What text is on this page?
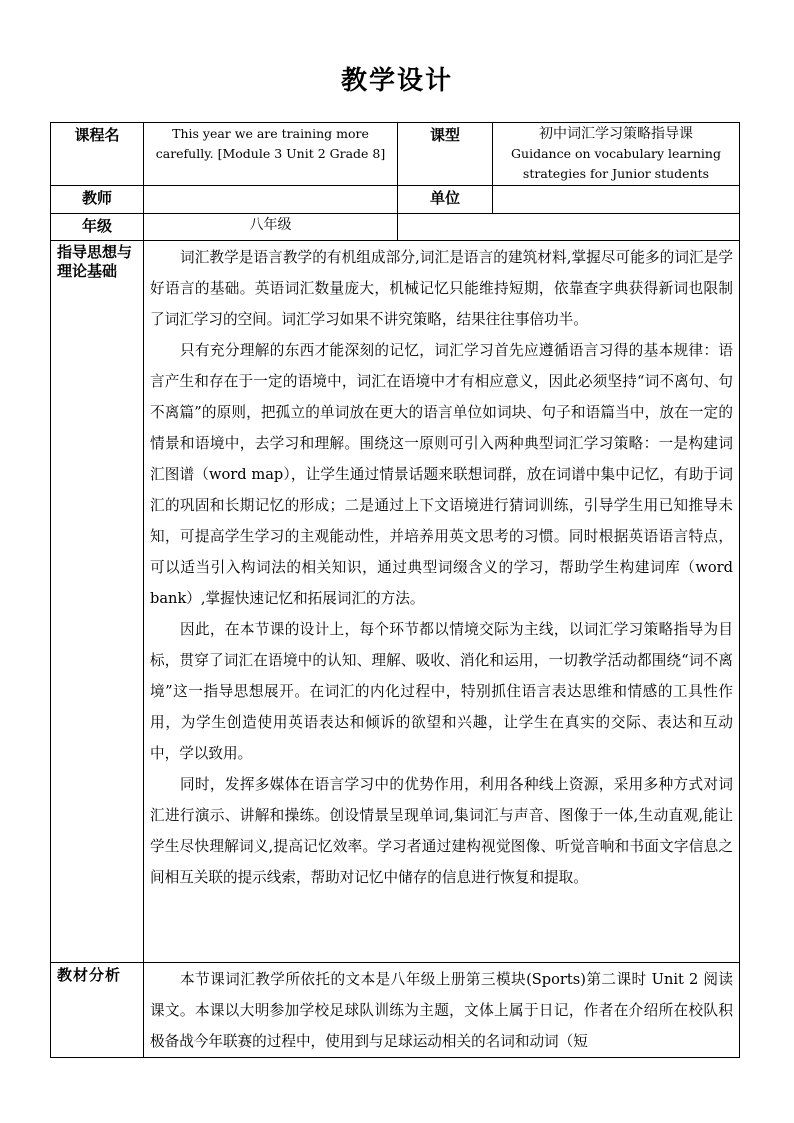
教学设计
课程名	This year we are training more carefully. [Module 3 Unit 2 Grade 8]	课型	初中词汇学习策略指导课
Guidance on vocabulary learning strategies for Junior students

教师		单位	
年级	八年级		
指导思想与理论基础	词汇教学是语言教学的有机组成部分,词汇是语言的建筑材料,掌握尽可能多的词汇是学好语言的基础。英语词汇数量庞大，机械记忆只能维持短期，依靠查字典获得新词也限制了词汇学习的空间。词汇学习如果不讲究策略，结果往往事倍功半。

只有充分理解的东西才能深刻的记忆，词汇学习首先应遵循语言习得的基本规律：语言产生和存在于一定的语境中，词汇在语境中才有相应意义，因此必须坚持“词不离句、句不离篇”的原则，把孤立的单词放在更大的语言单位如词块、句子和语篇当中，放在一定的情景和语境中，去学习和理解。围绕这一原则可引入两种典型词汇学习策略：一是构建词汇图谱（word map），让学生通过情景话题来联想词群，放在词谱中集中记忆，有助于词汇的巩固和长期记忆的形成；二是通过上下文语境进行猜词训练，引导学生用已知推导未知，可提高学生学习的主观能动性，并培养用英文思考的习惯。同时根据英语语言特点，可以适当引入构词法的相关知识，通过典型词缀含义的学习，帮助学生构建词库（word bank）,掌握快速记忆和拓展词汇的方法。

因此，在本节课的设计上，每个环节都以情境交际为主线，以词汇学习策略指导为目标，贯穿了词汇在语境中的认知、理解、吸收、消化和运用，一切教学活动都围绕“词不离境”这一指导思想展开。在词汇的内化过程中，特别抓住语言表达思维和情感的工具性作用，为学生创造使用英语表达和倾诉的欲望和兴趣，让学生在真实的交际、表达和互动中，学以致用。

同时，发挥多媒体在语言学习中的优势作用，利用各种线上资源，采用多种方式对词汇进行演示、讲解和操练。创设情景呈现单词,集词汇与声音、图像于一体,生动直观,能让学生尽快理解词义,提高记忆效率。学习者通过建构视觉图像、听觉音响和书面文字信息之间相互关联的提示线索，帮助对记忆中储存的信息进行恢复和提取。		

教材分析	本节课词汇教学所依托的文本是八年级上册第三模块(Sports)第二课时 Unit 2 阅读课文。本课以大明参加学校足球队训练为主题，文体上属于日记，作者在介绍所在校队积极备战今年联赛的过程中，使用到与足球运动相关的名词和动词（短		
